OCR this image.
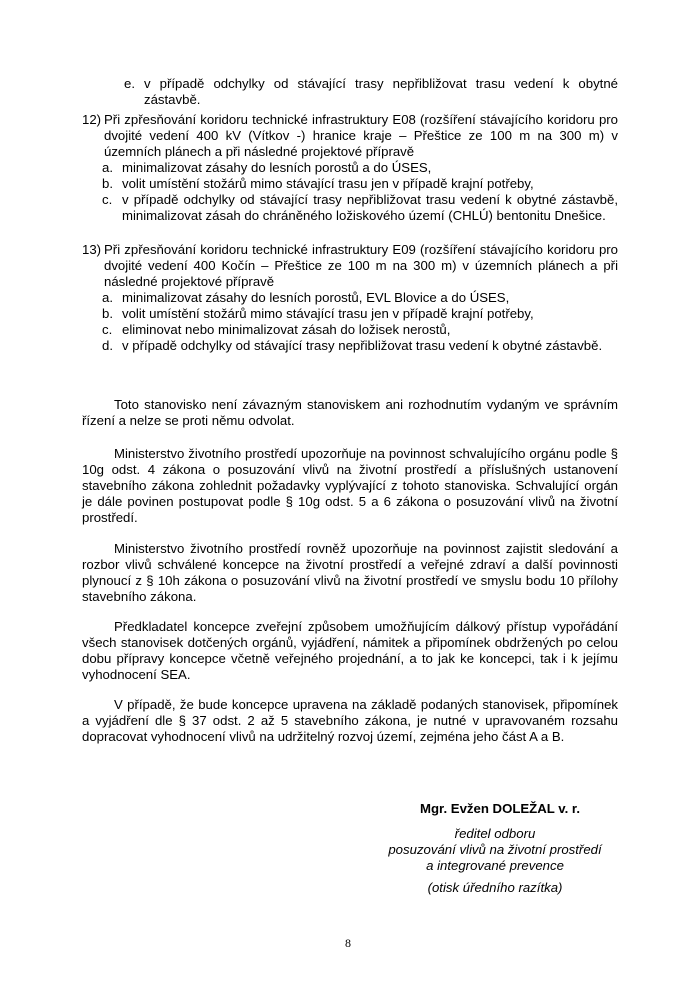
e. v případě odchylky od stávající trasy nepřibližovat trasu vedení k obytné zástavbě.
12) Při zpřesňování koridoru technické infrastruktury E08 (rozšíření stávajícího koridoru pro dvojité vedení 400 kV (Vítkov -) hranice kraje – Přeštice ze 100 m na 300 m) v územních plánech a při následné projektové přípravě
a. minimalizovat zásahy do lesních porostů a do ÚSES,
b. volit umístění stožárů mimo stávající trasu jen v případě krajní potřeby,
c. v případě odchylky od stávající trasy nepřibližovat trasu vedení k obytné zástavbě, minimalizovat zásah do chráněného ložiskového území (CHLÚ) bentonitu Dnešice.
13) Při zpřesňování koridoru technické infrastruktury E09 (rozšíření stávajícího koridoru pro dvojité vedení 400 Kočín – Přeštice ze 100 m na 300 m) v územních plánech a při následné projektové přípravě
a. minimalizovat zásahy do lesních porostů, EVL Blovice a do ÚSES,
b. volit umístění stožárů mimo stávající trasu jen v případě krajní potřeby,
c. eliminovat nebo minimalizovat zásah do ložisek nerostů,
d. v případě odchylky od stávající trasy nepřibližovat trasu vedení k obytné zástavbě.
Toto stanovisko není závazným stanoviskem ani rozhodnutím vydaným ve správním řízení a nelze se proti němu odvolat.
Ministerstvo životního prostředí upozorňuje na povinnost schvalujícího orgánu podle § 10g odst. 4 zákona o posuzování vlivů na životní prostředí a příslušných ustanovení stavebního zákona zohlednit požadavky vyplývající z tohoto stanoviska. Schvalující orgán je dále povinen postupovat podle § 10g odst. 5 a 6 zákona o posuzování vlivů na životní prostředí.
Ministerstvo životního prostředí rovněž upozorňuje na povinnost zajistit sledování a rozbor vlivů schválené koncepce na životní prostředí a veřejné zdraví a další povinnosti plynoucí z § 10h zákona o posuzování vlivů na životní prostředí ve smyslu bodu 10 přílohy stavebního zákona.
Předkladatel koncepce zveřejní způsobem umožňujícím dálkový přístup vypořádání všech stanovisek dotčených orgánů, vyjádření, námitek a připomínek obdržených po celou dobu přípravy koncepce včetně veřejného projednání, a to jak ke koncepci, tak i k jejímu vyhodnocení SEA.
V případě, že bude koncepce upravena na základě podaných stanovisek, připomínek a vyjádření dle § 37 odst. 2 až 5 stavebního zákona, je nutné v upravovaném rozsahu dopracovat vyhodnocení vlivů na udržitelný rozvoj území, zejména jeho část A a B.
Mgr. Evžen DOLEŽAL v. r.
ředitel odboru
posuzování vlivů na životní prostředí
a integrované prevence
(otisk úředního razítka)
8
